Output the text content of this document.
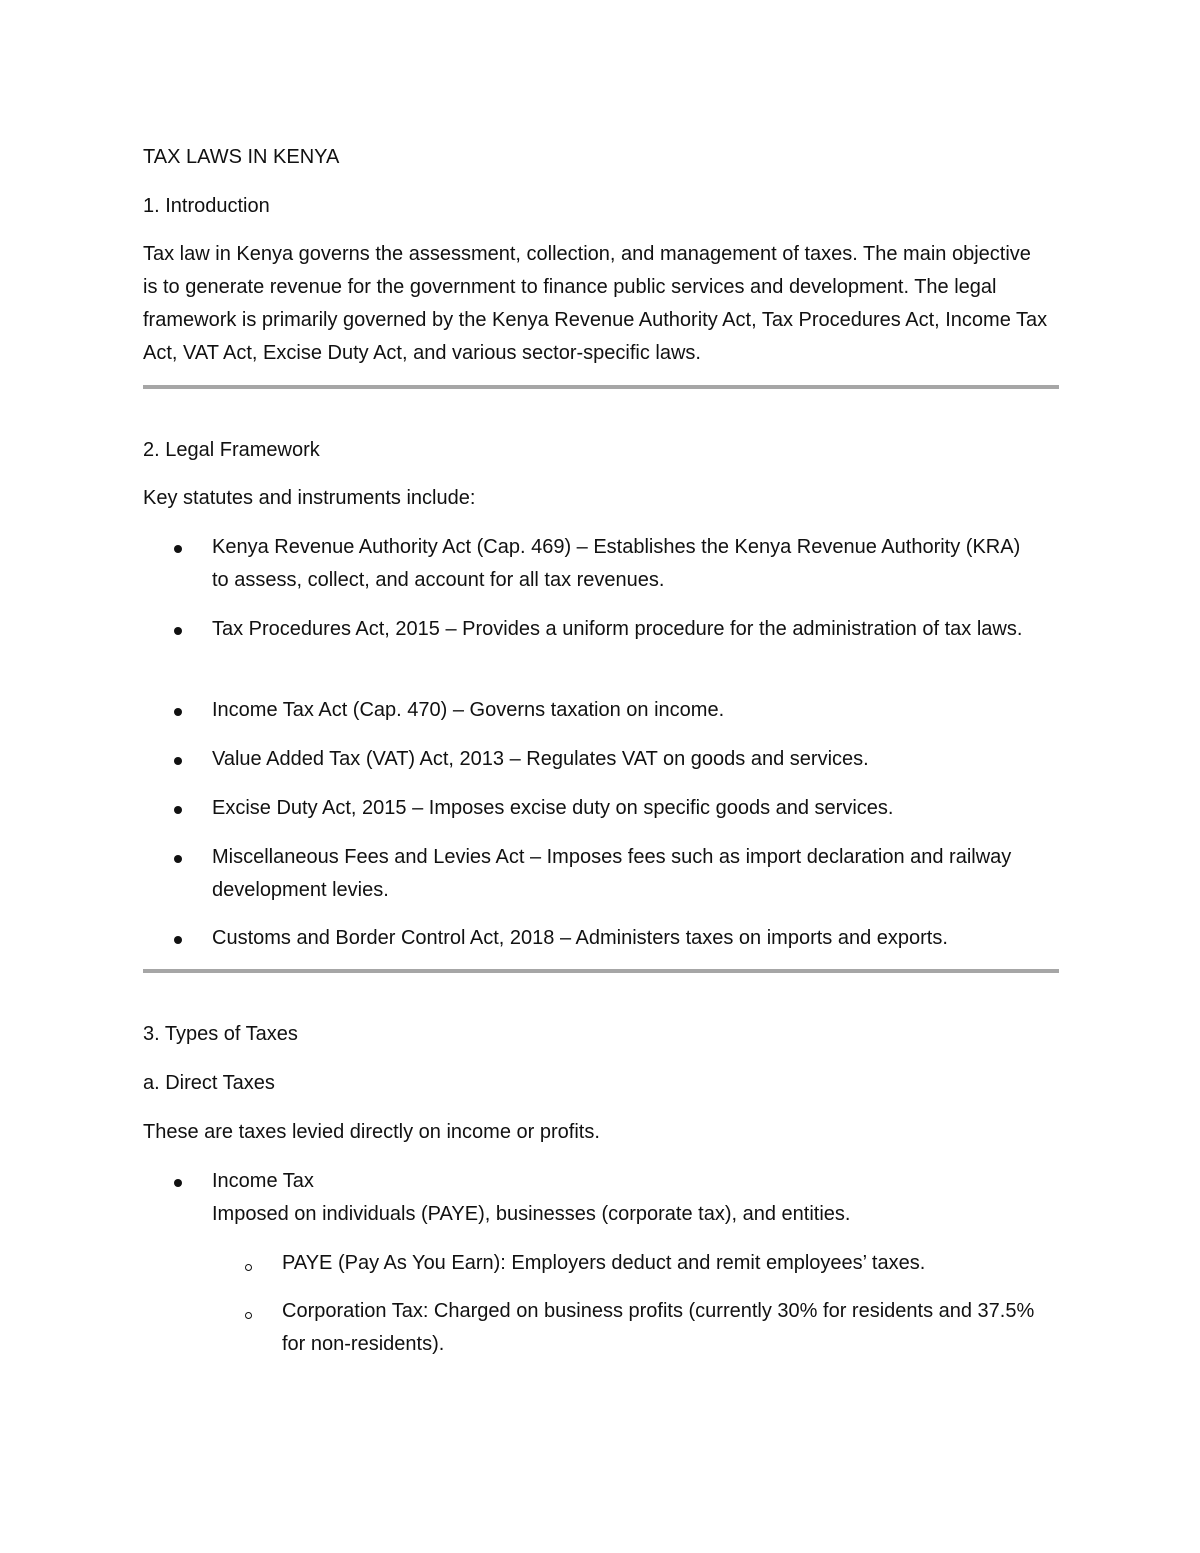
TAX LAWS IN KENYA
1. Introduction
Tax law in Kenya governs the assessment, collection, and management of taxes. The main objective is to generate revenue for the government to finance public services and development. The legal framework is primarily governed by the Kenya Revenue Authority Act, Tax Procedures Act, Income Tax Act, VAT Act, Excise Duty Act, and various sector-specific laws.
2. Legal Framework
Key statutes and instruments include:
Kenya Revenue Authority Act (Cap. 469) – Establishes the Kenya Revenue Authority (KRA) to assess, collect, and account for all tax revenues.
Tax Procedures Act, 2015 – Provides a uniform procedure for the administration of tax laws.
Income Tax Act (Cap. 470) – Governs taxation on income.
Value Added Tax (VAT) Act, 2013 – Regulates VAT on goods and services.
Excise Duty Act, 2015 – Imposes excise duty on specific goods and services.
Miscellaneous Fees and Levies Act – Imposes fees such as import declaration and railway development levies.
Customs and Border Control Act, 2018 – Administers taxes on imports and exports.
3. Types of Taxes
a. Direct Taxes
These are taxes levied directly on income or profits.
Income Tax
Imposed on individuals (PAYE), businesses (corporate tax), and entities.
PAYE (Pay As You Earn): Employers deduct and remit employees’ taxes.
Corporation Tax: Charged on business profits (currently 30% for residents and 37.5% for non-residents).
